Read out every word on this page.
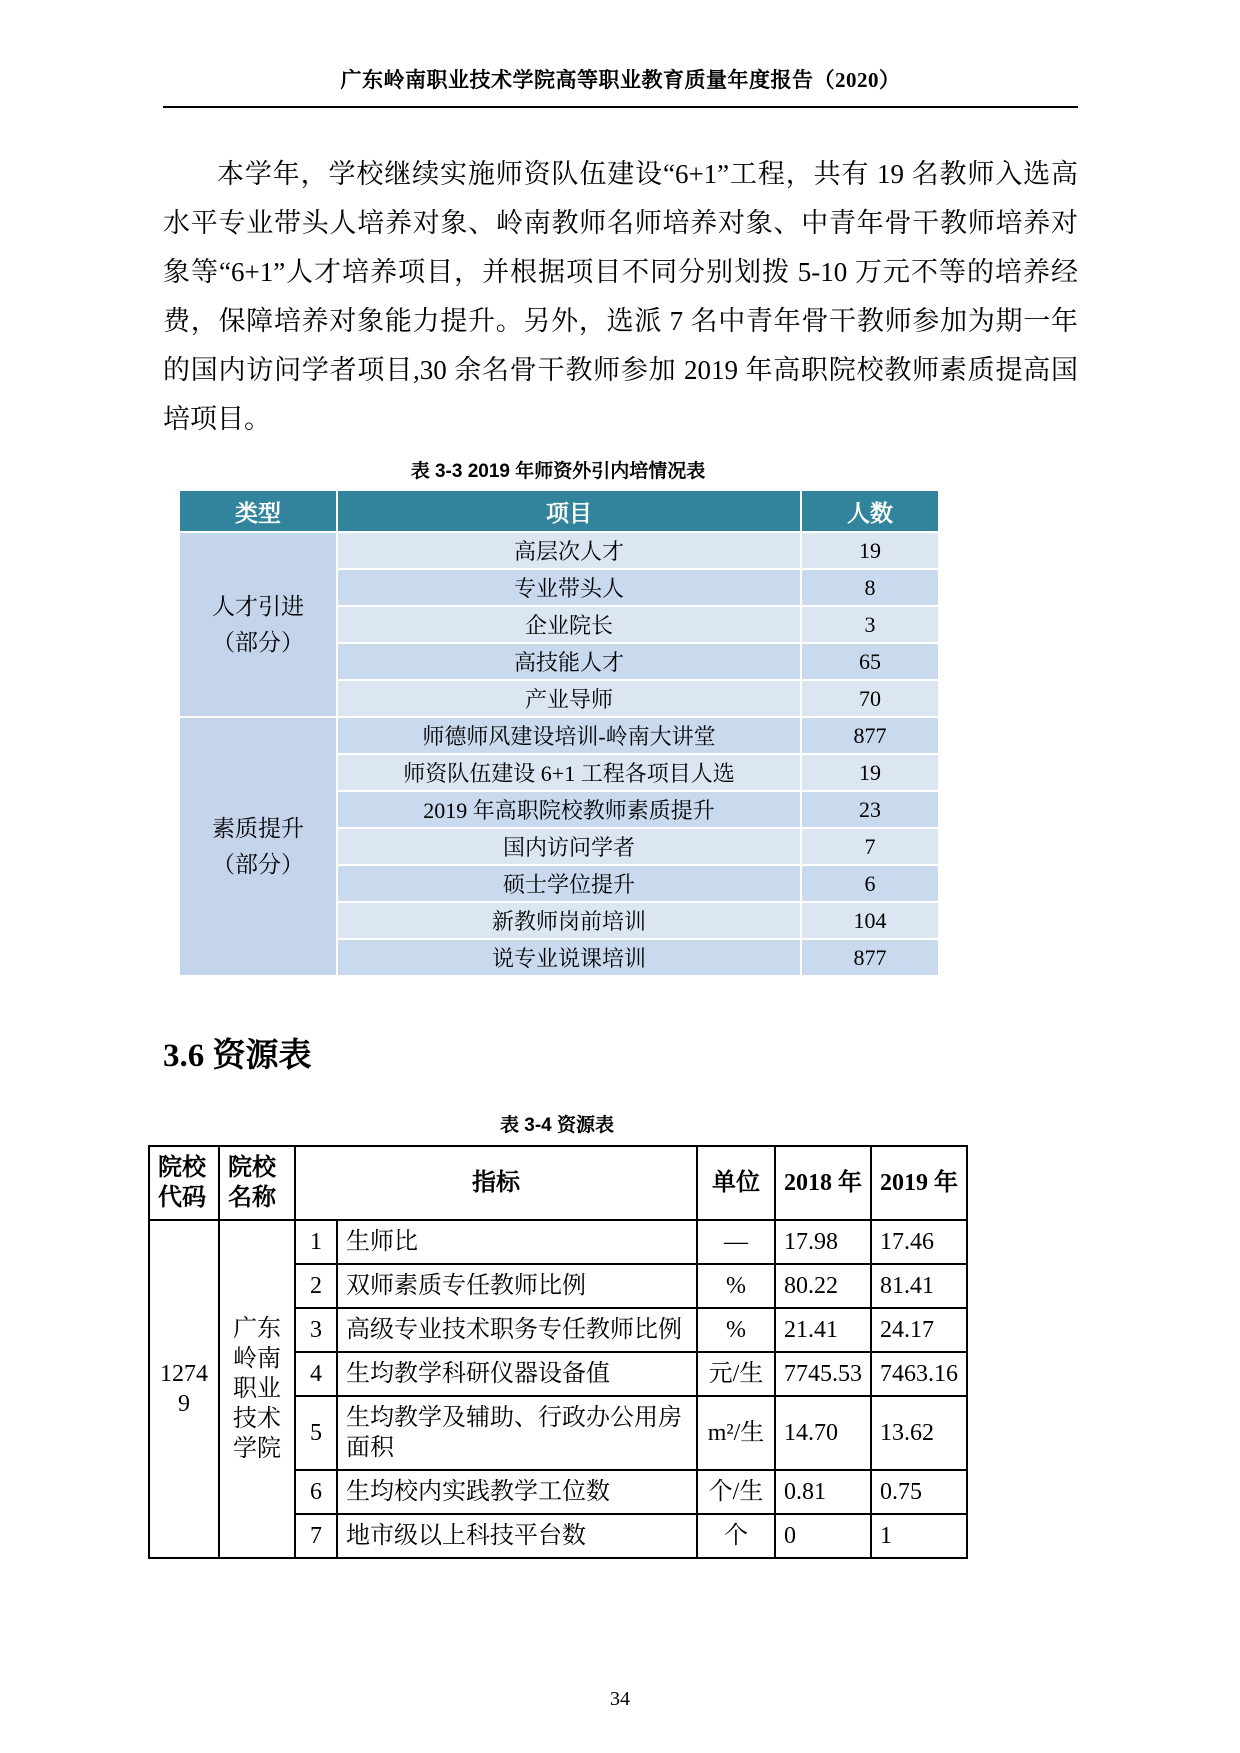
广东岭南职业技术学院高等职业教育质量年度报告（2020）

本学年，学校继续实施师资队伍建设“6+1”工程，共有 19 名教师入选高水平专业带头人培养对象、岭南教师名师培养对象、中青年骨干教师培养对象等“6+1”人才培养项目，并根据项目不同分别划拨 5-10 万元不等的培养经费，保障培养对象能力提升。另外，选派 7 名中青年骨干教师参加为期一年的国内访问学者项目,30 余名骨干教师参加 2019 年高职院校教师素质提高国培项目。

表 3-3 2019 年师资外引内培情况表
类型	项目	人数
人才引进
（部分）	高层次人才	19
	专业带头人	8
	企业院长	3
	高技能人才	65
	产业导师	70
素质提升
（部分）	师德师风建设培训-岭南大讲堂	877
	师资队伍建设 6+1 工程各项目人选	19
	2019 年高职院校教师素质提升	23
	国内访问学者	7
	硕士学位提升	6
	新教师岗前培训	104
	说专业说课培训	877
3.6 资源表
表 3-4 资源表
院校代码	院校名称	指标		单位	2018 年	2019 年
12749	广东岭南职业技术学院	1	生师比	—	17.98	17.46
		2	双师素质专任教师比例	%	80.22	81.41
		3	高级专业技术职务专任教师比例	%	21.41	24.17
		4	生均教学科研仪器设备值	元/生	7745.53	7463.16
		5	生均教学及辅助、行政办公用房面积	m²/生	14.70	13.62
		6	生均校内实践教学工位数	个/生	0.81	0.75
		7	地市级以上科技平台数	个	0	1
34
